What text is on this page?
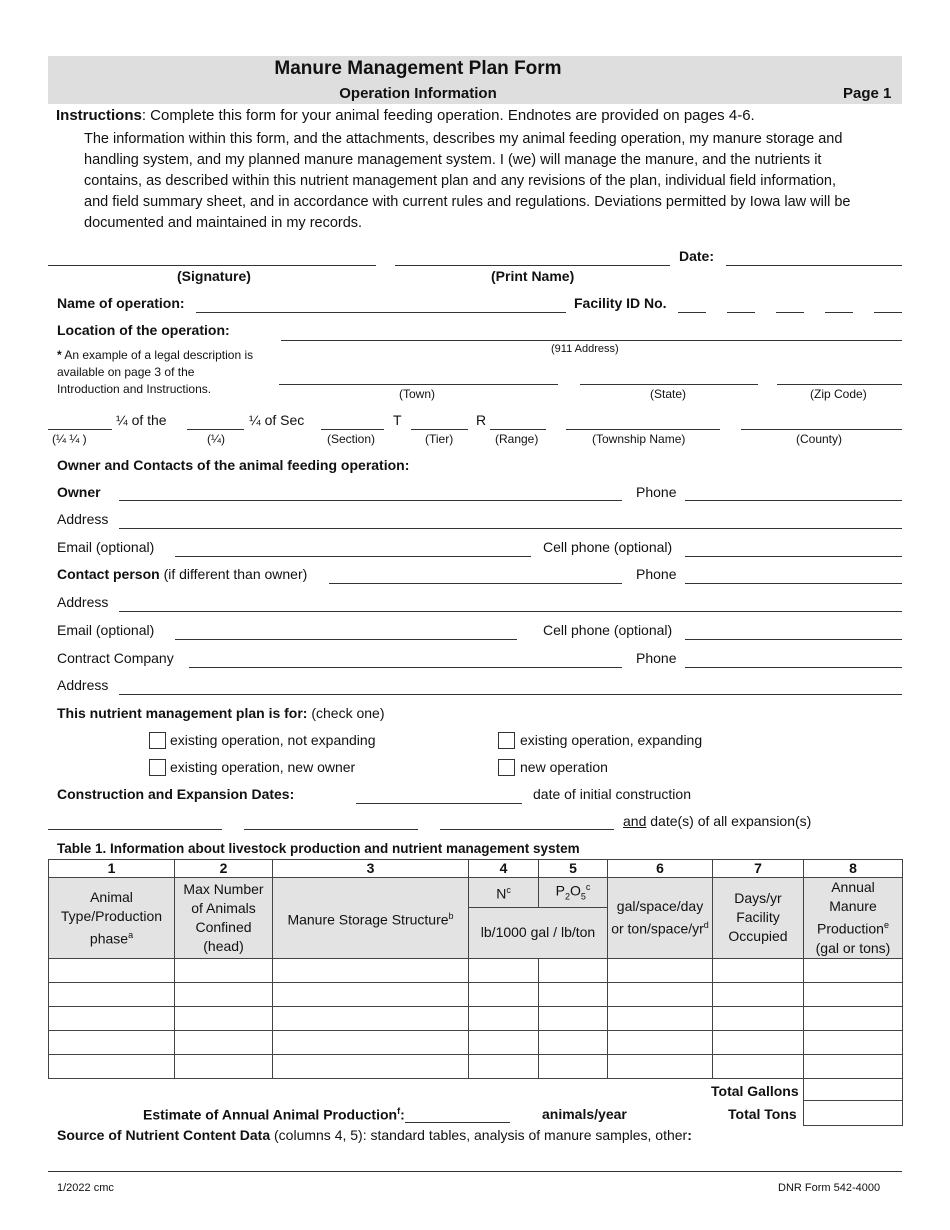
Manure Management Plan Form
Operation Information	Page 1
Instructions: Complete this form for your animal feeding operation. Endnotes are provided on pages 4-6.
The information within this form, and the attachments, describes my animal feeding operation, my manure storage and
handling system, and my planned manure management system. I (we) will manage the manure, and the nutrients it
contains, as described within this nutrient management plan and any revisions of the plan, individual field information,
and field summary sheet, and in accordance with current rules and regulations. Deviations permitted by Iowa law will be
documented and maintained in my records.
Date:
(Signature)	(Print Name)
Name of operation:	Facility ID No.
Location of the operation:
(911 Address)
* An example of a legal description is
available on page 3 of the
Introduction and Instructions.	(Town)	(State)	(Zip Code)
¼ of the	¼ of Sec	T	R
(¼ ¼ )	(¼)	(Section)	(Tier)	(Range)	(Township Name)	(County)
Owner and Contacts of the animal feeding operation:
Owner	Phone
Address
Email (optional)	Cell phone (optional)
Contact person (if different than owner)	Phone
Address
Email (optional)	Cell phone (optional)
Contract Company	Phone
Address
This nutrient management plan is for: (check one)
existing operation, not expanding	existing operation, expanding
existing operation, new owner	new operation
Construction and Expansion Dates:	date of initial construction
and date(s) of all expansion(s)
Table 1. Information about livestock production and nutrient management system
1	2	3	4	5	6	7	8
Animal Type/Production phase$^a$	Max Number of Animals Confined (head)	Manure Storage Structure$^b$	$N^c$	$P_2O_5^c$	gal/space/day or ton/$space/yr^d$	Days/yr Facility Occupied	Annual Manure Production$^e$ (gal or tons)
			lb/1000 gal / lb/ton				

Total Gallons
Total Tons
Estimate of Annual Animal Production$^f$:	animals/year
Source of Nutrient Content Data (columns 4, 5): standard tables, analysis of manure samples, other:
1/2022 cmc	DNR Form 542-4000
